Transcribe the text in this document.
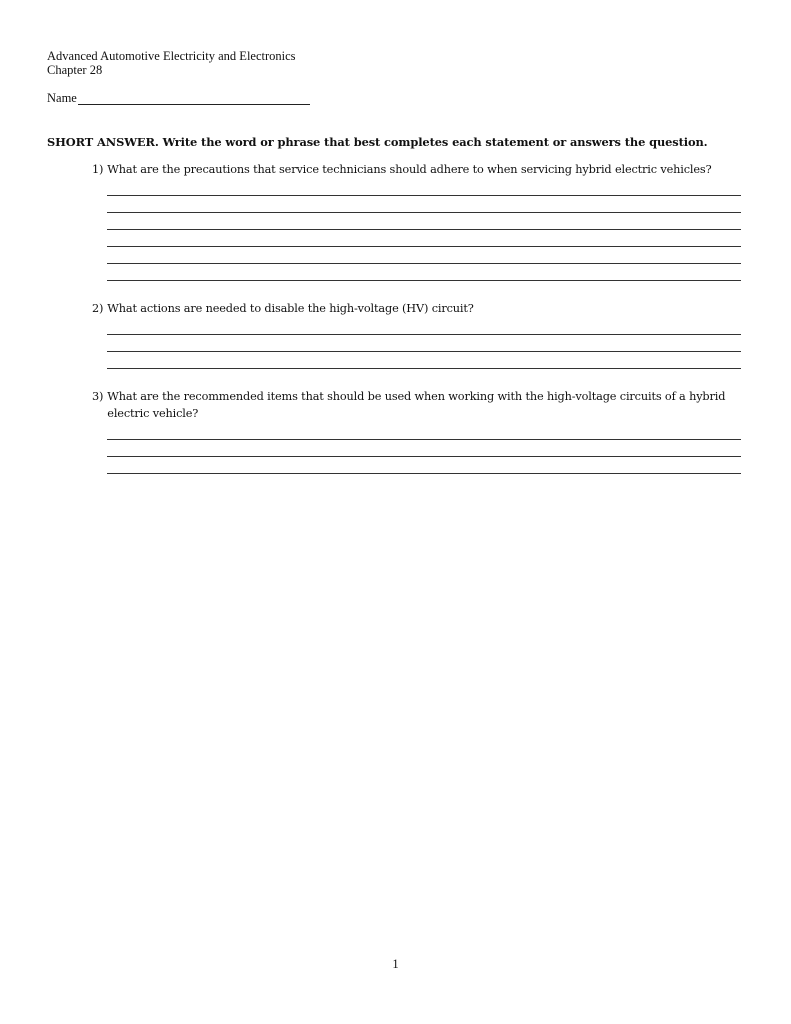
Advanced Automotive Electricity and Electronics
Chapter 28
Name
SHORT ANSWER. Write the word or phrase that best completes each statement or answers the question.
1) What are the precautions that service technicians should adhere to when servicing hybrid electric vehicles?
2) What actions are needed to disable the high-voltage (HV) circuit?
3) What are the recommended items that should be used when working with the high-voltage circuits of a hybrid electric vehicle?
1
